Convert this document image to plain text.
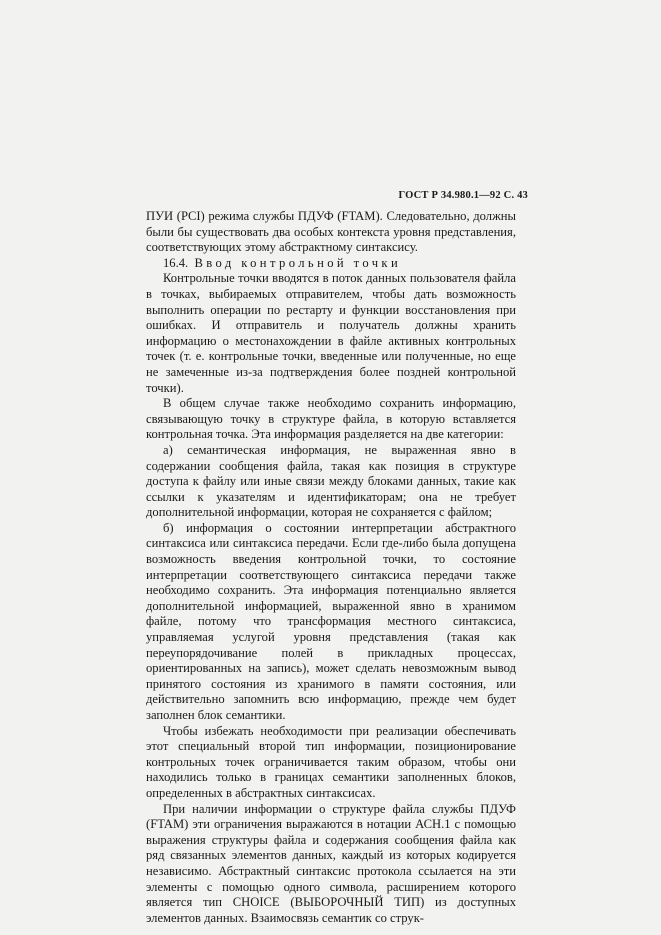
ГОСТ Р 34.980.1—92 С. 43

ПУИ (PCI) режима службы ПДУФ (FTAM). Следовательно, должны были бы существовать два особых контекста уровня представления, соответствующих этому абстрактному синтаксису.

16.4. Ввод контрольной точки

Контрольные точки вводятся в поток данных пользователя файла в точках, выбираемых отправителем, чтобы дать возможность выполнить операции по рестарту и функции восстановления при ошибках. И отправитель и получатель должны хранить информацию о местонахождении в файле активных контрольных точек (т. е. контрольные точки, введенные или полученные, но еще не замеченные из-за подтверждения более поздней контрольной точки).

В общем случае также необходимо сохранить информацию, связывающую точку в структуре файла, в которую вставляется контрольная точка. Эта информация разделяется на две категории:

а) семантическая информация, не выраженная явно в содержании сообщения файла, такая как позиция в структуре доступа к файлу или иные связи между блоками данных, такие как ссылки к указателям и идентификаторам; она не требует дополнительной информации, которая не сохраняется с файлом;

б) информация о состоянии интерпретации абстрактного синтаксиса или синтаксиса передачи. Если где-либо была допущена возможность введения контрольной точки, то состояние интерпретации соответствующего синтаксиса передачи также необходимо сохранить. Эта информация потенциально является дополнительной информацией, выраженной явно в хранимом файле, потому что трансформация местного синтаксиса, управляемая услугой уровня представления (такая как переупорядочивание полей в прикладных процессах, ориентированных на запись), может сделать невозможным вывод принятого состояния из хранимого в памяти состояния, или действительно запомнить всю информацию, прежде чем будет заполнен блок семантики.

Чтобы избежать необходимости при реализации обеспечивать этот специальный второй тип информации, позиционирование контрольных точек ограничивается таким образом, чтобы они находились только в границах семантики заполненных блоков, определенных в абстрактных синтаксисах.

При наличии информации о структуре файла службы ПДУФ (FTAM) эти ограничения выражаются в нотации АСН.1 с помощью выражения структуры файла и содержания сообщения файла как ряд связанных элементов данных, каждый из которых кодируется независимо. Абстрактный синтаксис протокола ссылается на эти элементы с помощью одного символа, расширением которого является тип CHOICE (ВЫБОРОЧНЫЙ ТИП) из доступных элементов данных. Взаимосвязь семантик со струк-
